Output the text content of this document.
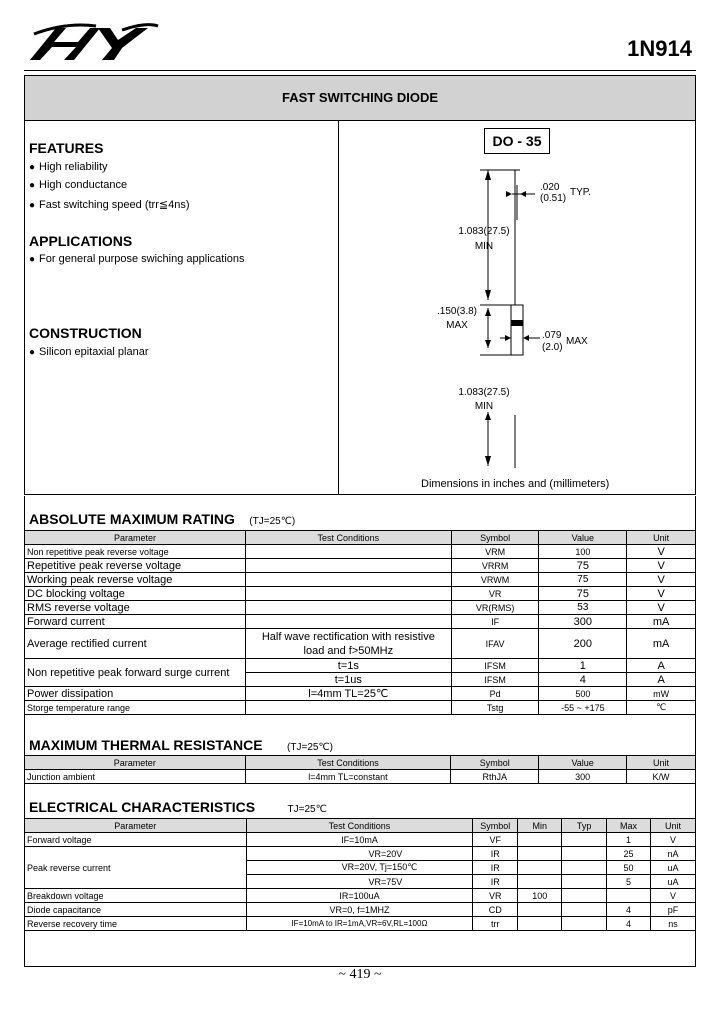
1N914
FAST SWITCHING DIODE
FEATURES
● High reliability
● High conductance
● Fast switching speed (trr≦4ns)
APPLICATIONS
● For general purpose swiching applications
CONSTRUCTION
● Silicon epitaxial planar
DO - 35
.020
(0.51)
TYP.
1.083(27.5)
MIN
.150(3.8)
MAX
.079
(2.0)
MAX
1.083(27.5)
MIN
Dimensions in inches and (millimeters)
ABSOLUTE MAXIMUM RATING (TJ=25℃)
Parameter	Test Conditions	Symbol	Value	Unit
Non repetitive peak reverse voltage		VRM	100	V
Repetitive peak reverse voltage		VRRM	75	V
Working peak reverse voltage		VRWM	75	V
DC blocking voltage		VR	75	V
RMS reverse voltage		VR(RMS)	53	V
Forward current		IF	300	mA
Average rectified current	Half wave rectification with resistive
load and f>50MHz	IFAV	200	mA
Non repetitive peak forward surge current	t=1s	IFSM	1	A
	t=1us	IFSM	4	A
Power dissipation	l=4mm TL=25℃	Pd	500	mW
Storge temperature range		Tstg	-55 ~ +175	℃
MAXIMUM THERMAL RESISTANCE (TJ=25℃)
Parameter	Test Conditions	Symbol	Value	Unit
Junction ambient	l=4mm TL=constant	RthJA	300	K/W
ELECTRICAL CHARACTERISTICS	TJ=25℃
Parameter	Test Conditions	Symbol	Min	Typ	Max	Unit
Forward voltage	IF=10mA	VF			1	V
Peak reverse current	VR=20V	IR			25	nA
	VR=20V, Tj=150℃	IR			50	uA
	VR=75V	IR			5	uA
Breakdown voltage	IR=100uA	VR	100			V
Diode capacitance	VR=0, f=1MHZ	CD			4	pF
Reverse recovery time	IF=10mA to IR=1mA,VR=6V,RL=100Ω	trr			4	ns
~ 419 ~
